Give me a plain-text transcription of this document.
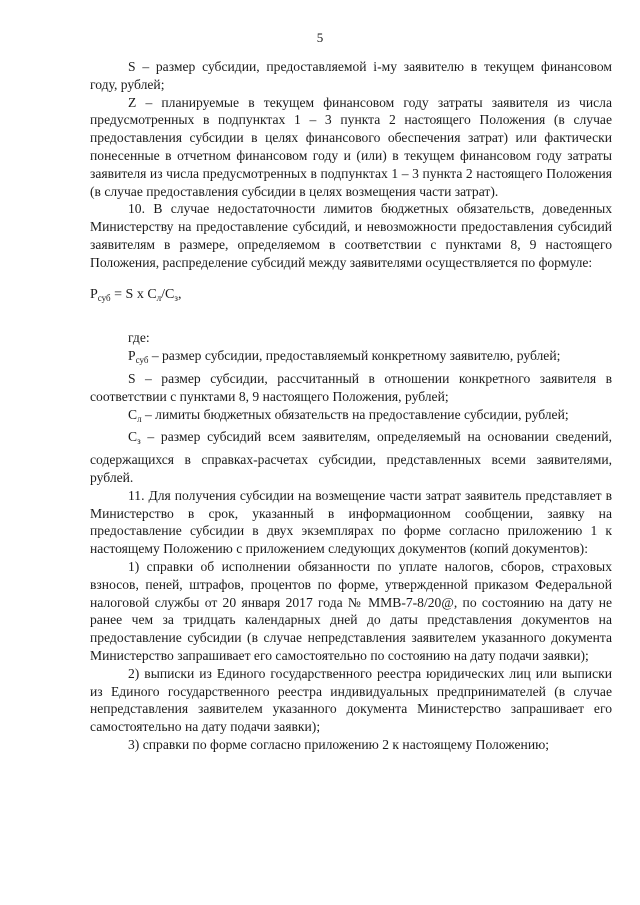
5

S – размер субсидии, предоставляемой i-му заявителю в текущем финансовом году, рублей;

Z – планируемые в текущем финансовом году затраты заявителя из числа предусмотренных в подпунктах 1 – 3 пункта 2 настоящего Положения (в случае предоставления субсидии в целях финансового обеспечения затрат) или фактически понесенные в отчетном финансовом году и (или) в текущем финансовом году затраты заявителя из числа предусмотренных в подпунктах 1 – 3 пункта 2 настоящего Положения (в случае предоставления субсидии в целях возмещения части затрат).

10. В случае недостаточности лимитов бюджетных обязательств, доведенных Министерству на предоставление субсидий, и невозможности предоставления субсидий заявителям в размере, определяемом в соответствии с пунктами 8, 9 настоящего Положения, распределение субсидий между заявителями осуществляется по формуле:

$P_{суб} = S$ x $C_л/C_з$,

где:

$P_{суб}$ – размер субсидии, предоставляемый конкретному заявителю, рублей;

S – размер субсидии, рассчитанный в отношении конкретного заявителя в соответствии с пунктами 8, 9 настоящего Положения, рублей;

$C_л$ – лимиты бюджетных обязательств на предоставление субсидии, рублей;

$C_з$ – размер субсидий всем заявителям, определяемый на основании сведений, содержащихся в справках-расчетах субсидии, представленных всеми заявителями, рублей.

11. Для получения субсидии на возмещение части затрат заявитель представляет в Министерство в срок, указанный в информационном сообщении, заявку на предоставление субсидии в двух экземплярах по форме согласно приложению 1 к настоящему Положению с приложением следующих документов (копий документов):

1) справки об исполнении обязанности по уплате налогов, сборов, страховых взносов, пеней, штрафов, процентов по форме, утвержденной приказом Федеральной налоговой службы от 20 января 2017 года № ММВ-7-8/20@, по состоянию на дату не ранее чем за тридцать календарных дней до даты представления документов на предоставление субсидии (в случае непредставления заявителем указанного документа Министерство запрашивает его самостоятельно по состоянию на дату подачи заявки);

2) выписки из Единого государственного реестра юридических лиц или выписки из Единого государственного реестра индивидуальных предпринимателей (в случае непредставления заявителем указанного документа Министерство запрашивает его самостоятельно на дату подачи заявки);

3) справки по форме согласно приложению 2 к настоящему Положению;
